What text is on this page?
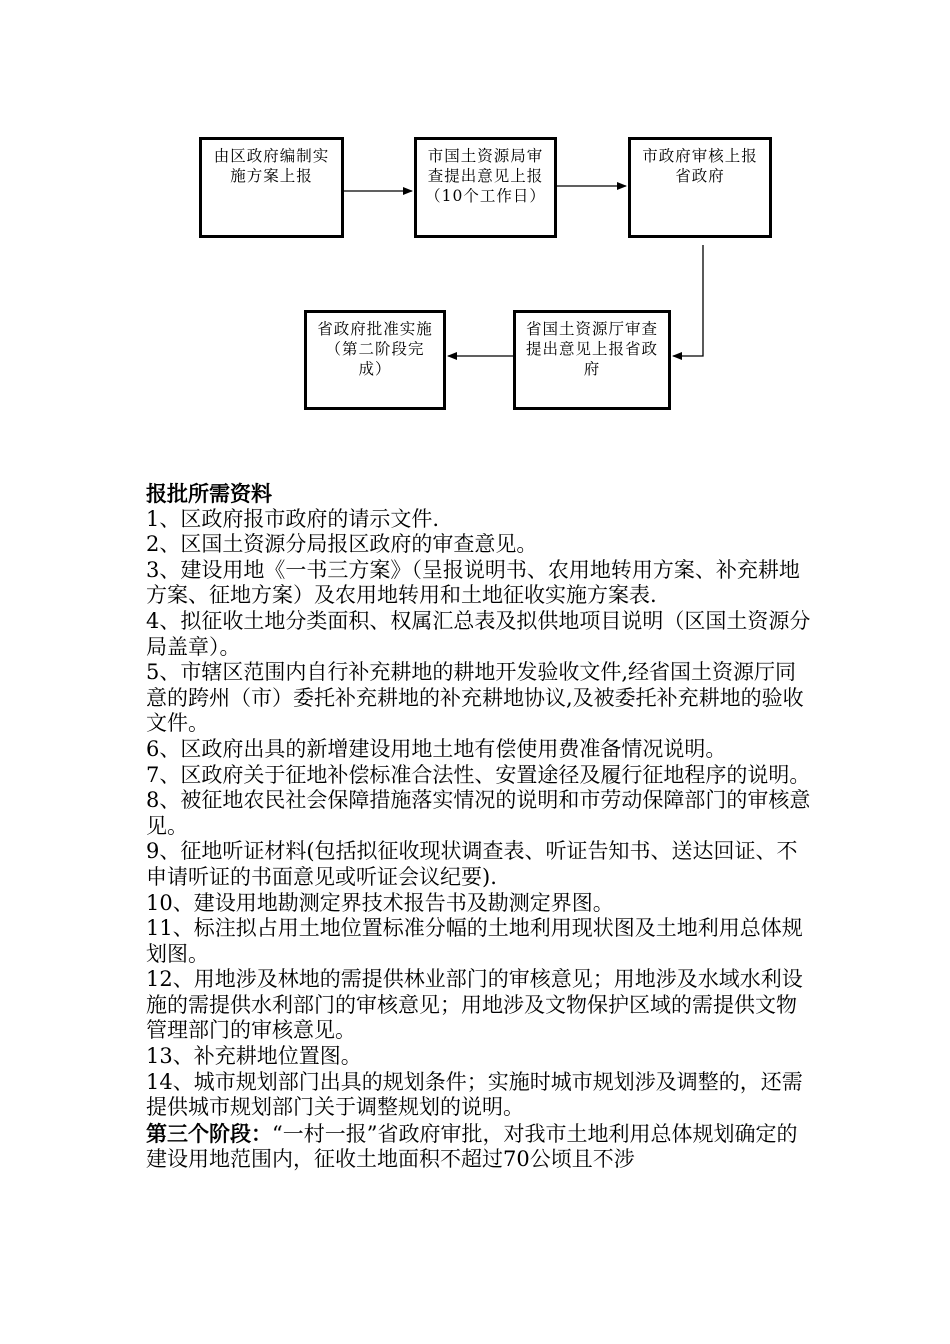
由区政府编制实
施方案上报
市国土资源局审
查提出意见上报
（10个工作日）
市政府审核上报
省政府
省国土资源厅审查
提出意见上报省政
府
省政府批准实施
（第二阶段完
成）

报批所需资料

1、区政府报市政府的请示文件.

2、区国土资源分局报区政府的审查意见。

3、建设用地《一书三方案》（呈报说明书、农用地转用方案、补充耕地方案、征地方案）及农用地转用和土地征收实施方案表.

4、拟征收土地分类面积、权属汇总表及拟供地项目说明（区国土资源分局盖章）。

5、市辖区范围内自行补充耕地的耕地开发验收文件,经省国土资源厅同意的跨州（市）委托补充耕地的补充耕地协议,及被委托补充耕地的验收文件。

6、区政府出具的新增建设用地土地有偿使用费准备情况说明。

7、区政府关于征地补偿标准合法性、安置途径及履行征地程序的说明。

8、被征地农民社会保障措施落实情况的说明和市劳动保障部门的审核意见。

9、征地听证材料(包括拟征收现状调查表、听证告知书、送达回证、不申请听证的书面意见或听证会议纪要).

10、建设用地勘测定界技术报告书及勘测定界图。

11、标注拟占用土地位置标准分幅的土地利用现状图及土地利用总体规划图。

12、用地涉及林地的需提供林业部门的审核意见；用地涉及水域水利设施的需提供水利部门的审核意见；用地涉及文物保护区域的需提供文物管理部门的审核意见。

13、补充耕地位置图。

14、城市规划部门出具的规划条件；实施时城市规划涉及调整的，还需提供城市规划部门关于调整规划的说明。

第三个阶段：“一村一报”省政府审批，对我市土地利用总体规划确定的建设用地范围内，征收土地面积不超过70公顷且不涉
